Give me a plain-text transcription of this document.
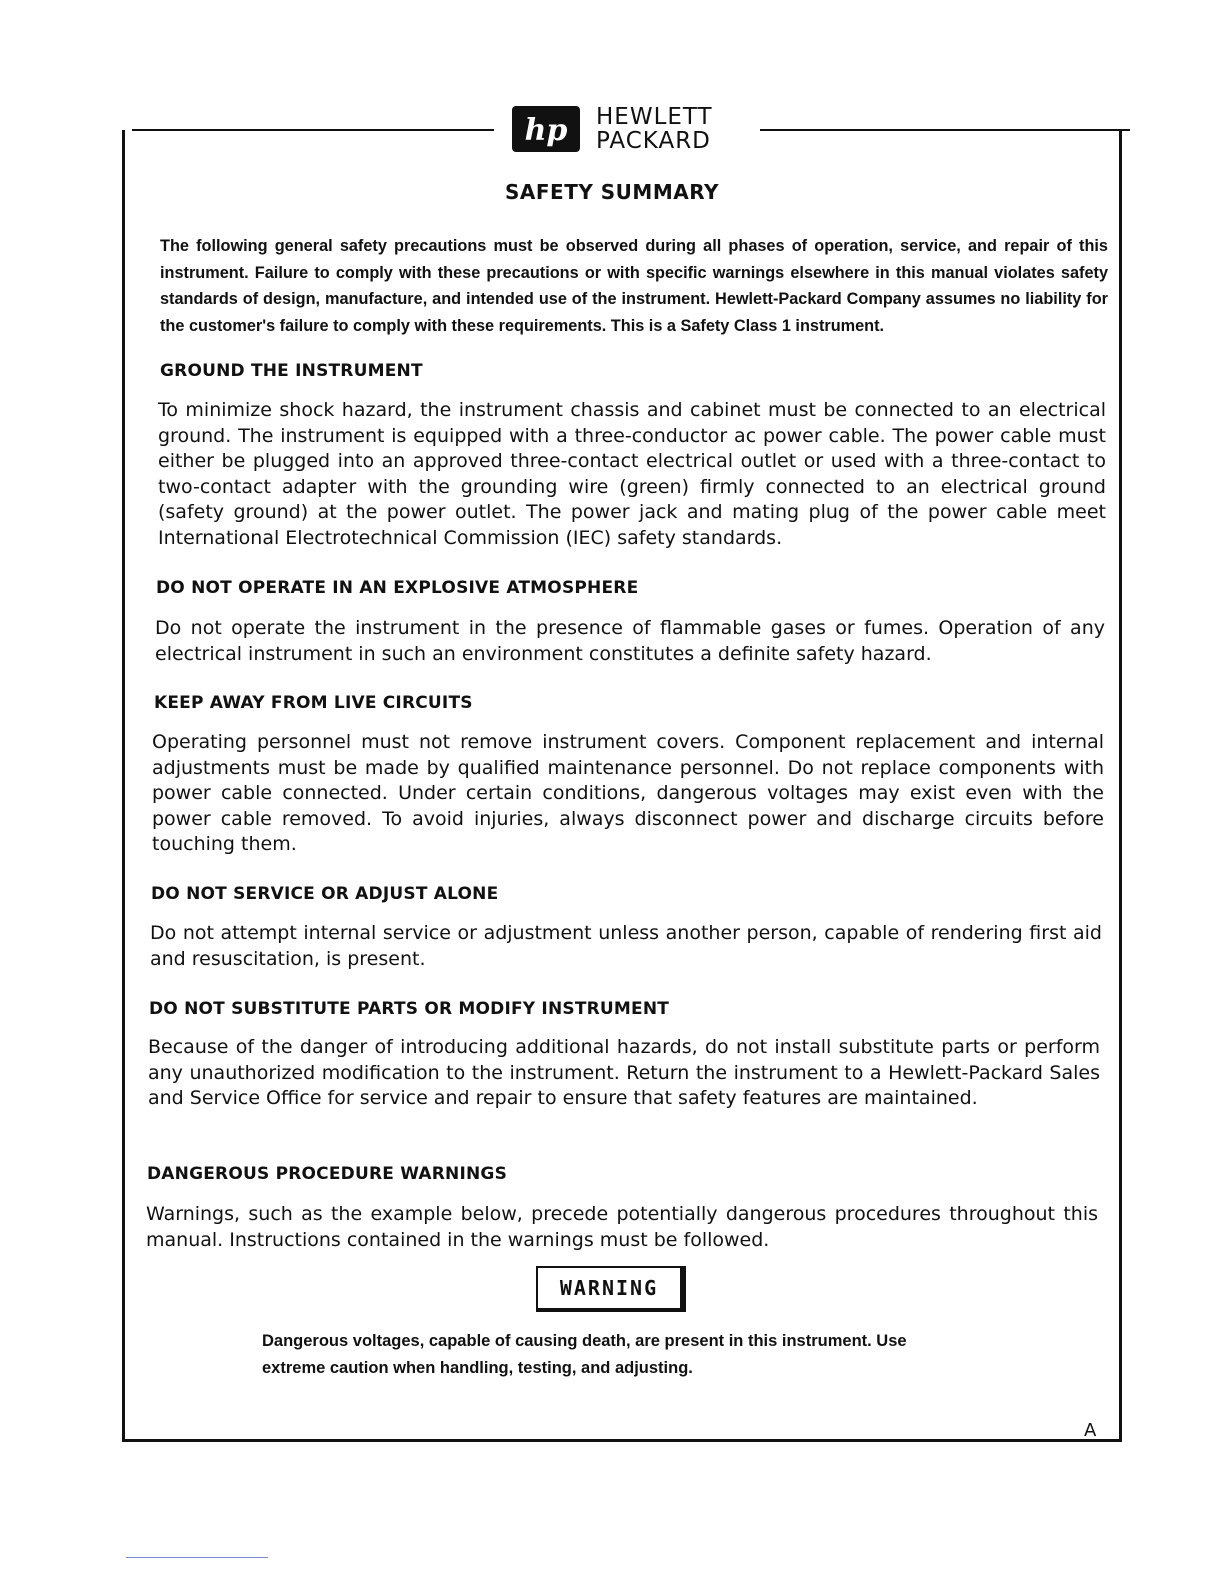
hp HEWLETT
PACKARD
SAFETY SUMMARY
The following general safety precautions must be observed during all phases of operation, service, and repair of this instrument. Failure to comply with these precautions or with specific warnings elsewhere in this manual violates safety standards of design, manufacture, and intended use of the instrument. Hewlett-Packard Company assumes no liability for the customer's failure to comply with these requirements. This is a Safety Class 1 instrument.
GROUND THE INSTRUMENT
To minimize shock hazard, the instrument chassis and cabinet must be connected to an electrical ground. The instrument is equipped with a three-conductor ac power cable. The power cable must either be plugged into an approved three-contact electrical outlet or used with a three-contact to two-contact adapter with the grounding wire (green) firmly connected to an electrical ground (safety ground) at the power outlet. The power jack and mating plug of the power cable meet International Electrotechnical Commission (IEC) safety standards.
DO NOT OPERATE IN AN EXPLOSIVE ATMOSPHERE
Do not operate the instrument in the presence of flammable gases or fumes. Operation of any electrical instrument in such an environment constitutes a definite safety hazard.
KEEP AWAY FROM LIVE CIRCUITS
Operating personnel must not remove instrument covers. Component replacement and internal adjustments must be made by qualified maintenance personnel. Do not replace components with power cable connected. Under certain conditions, dangerous voltages may exist even with the power cable removed. To avoid injuries, always disconnect power and discharge circuits before touching them.
DO NOT SERVICE OR ADJUST ALONE
Do not attempt internal service or adjustment unless another person, capable of rendering first aid and resuscitation, is present.
DO NOT SUBSTITUTE PARTS OR MODIFY INSTRUMENT
Because of the danger of introducing additional hazards, do not install substitute parts or perform any unauthorized modification to the instrument. Return the instrument to a Hewlett-Packard Sales and Service Office for service and repair to ensure that safety features are maintained.
DANGEROUS PROCEDURE WARNINGS
Warnings, such as the example below, precede potentially dangerous procedures throughout this manual. Instructions contained in the warnings must be followed.
WARNING
Dangerous voltages, capable of causing death, are present in this instrument. Use extreme caution when handling, testing, and adjusting.
A
